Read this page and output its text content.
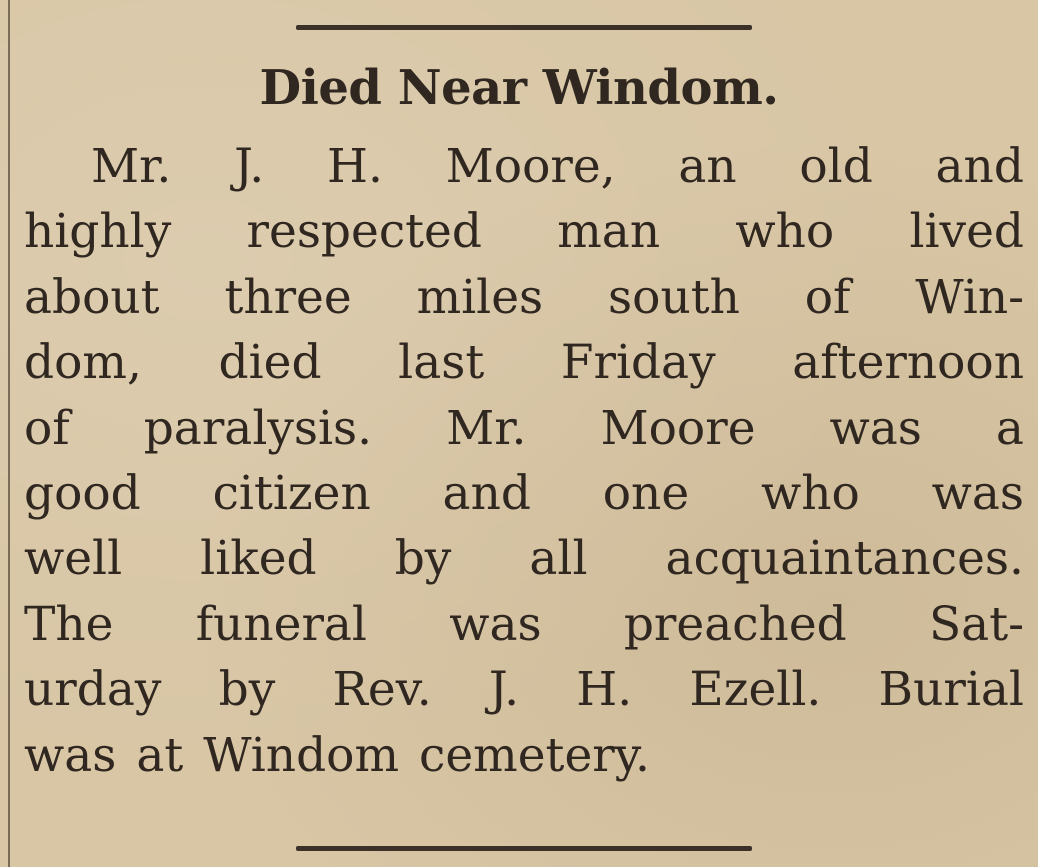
Died Near Windom.
Mr. J. H. Moore, an old and
highly respected man who lived
about three miles south of Win-
dom, died last Friday afternoon
of paralysis. Mr. Moore was a
good citizen and one who was
well liked by all acquaintances.
The funeral was preached Sat-
urday by Rev. J. H. Ezell. Burial
was at Windom cemetery.
